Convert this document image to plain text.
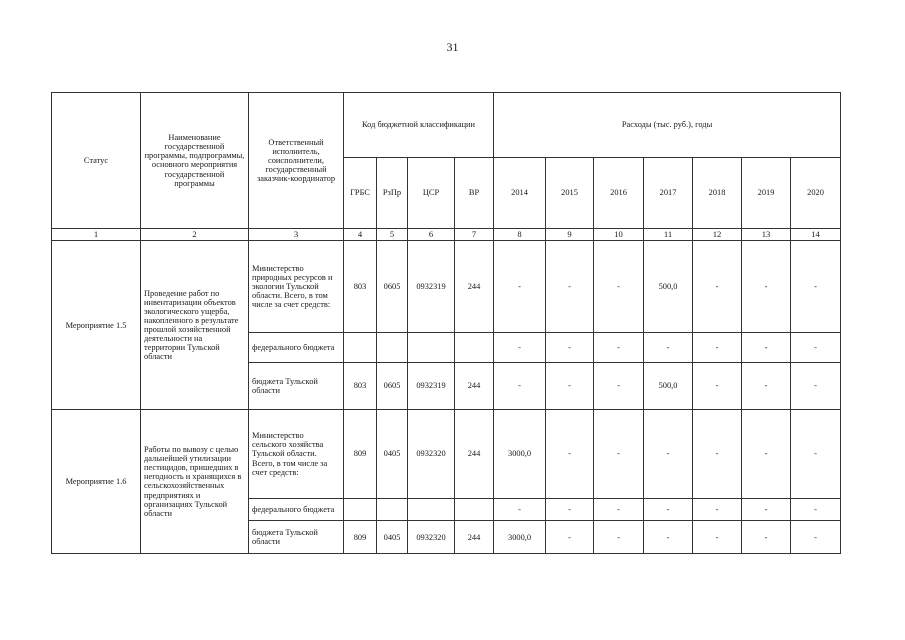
31
Статус	Наименование государственной программы, подпрограммы, основного мероприятия государственной программы	Ответственный исполнитель, соисполнители, государственный заказчик-координатор	Код бюджетной классификации				Расходы (тыс. руб.), годы						
			ГРБС	РзПр	ЦСР	ВР	2014	2015	2016	2017	2018	2019	2020
1	2	3	4	5	6	7	8	9	10	11	12	13	14
Мероприятие 1.5	Проведение работ по инвентаризации объектов экологического ущерба, накопленного в результате прошлой хозяйственной деятельности на территории Тульской области	Министерство природных ресурсов и экологии Тульской области. Всего, в том числе за счет средств:	803	0605	0932319	244	-	-	-	500,0	-	-	-
		федерального бюджета					-	-	-	-	-	-	-
		бюджета Тульской области	803	0605	0932319	244	-	-	-	500,0	-	-	-
Мероприятие 1.6	Работы по вывозу с целью дальнейшей утилизации пестицидов, пришедших в негодность и хранящихся в сельскохозяйственных предприятиях и организациях Тульской области	Министерство сельского хозяйства Тульской области. Всего, в том числе за счет средств:	809	0405	0932320	244	3000,0	-	-	-	-	-	-
		федерального бюджета					-	-	-	-	-	-	-
		бюджета Тульской области	809	0405	0932320	244	3000,0	-	-	-	-	-	-
